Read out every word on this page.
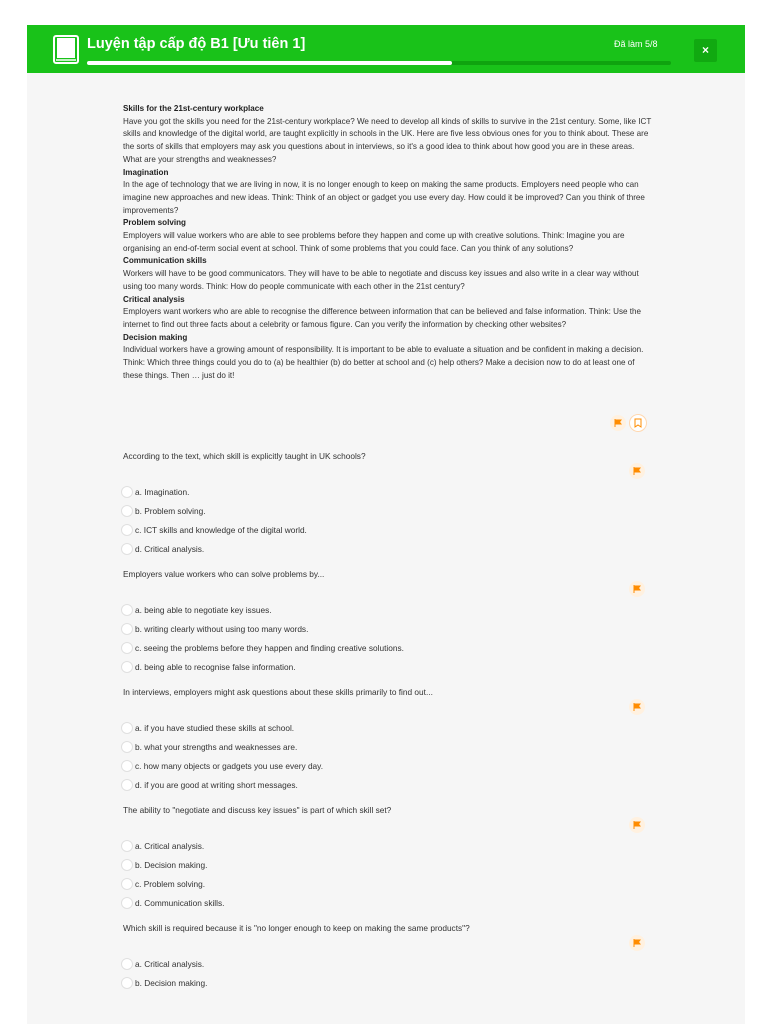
Luyện tập cấp độ B1 [Ưu tiên 1]	Đã làm 5/8	×

Skills for the 21st-century workplace

Have you got the skills you need for the 21st-century workplace? We need to develop all kinds of skills to survive in the 21st century. Some, like ICT skills and knowledge of the digital world, are taught explicitly in schools in the UK. Here are five less obvious ones for you to think about. These are the sorts of skills that employers may ask you questions about in interviews, so it's a good idea to think about how good you are in these areas. What are your strengths and weaknesses?

Imagination

In the age of technology that we are living in now, it is no longer enough to keep on making the same products. Employers need people who can imagine new approaches and new ideas. Think: Think of an object or gadget you use every day. How could it be improved? Can you think of three improvements?

Problem solving

Employers will value workers who are able to see problems before they happen and come up with creative solutions. Think: Imagine you are organising an end-of-term social event at school. Think of some problems that you could face. Can you think of any solutions?

Communication skills

Workers will have to be good communicators. They will have to be able to negotiate and discuss key issues and also write in a clear way without using too many words. Think: How do people communicate with each other in the 21st century?

Critical analysis

Employers want workers who are able to recognise the difference between information that can be believed and false information. Think: Use the internet to find out three facts about a celebrity or famous figure. Can you verify the information by checking other websites?

Decision making

Individual workers have a growing amount of responsibility. It is important to be able to evaluate a situation and be confident in making a decision. Think: Which three things could you do to (a) be healthier (b) do better at school and (c) help others? Make a decision now to do at least one of these things. Then … just do it!

According to the text, which skill is explicitly taught in UK schools?
a. Imagination.
b. Problem solving.
c. ICT skills and knowledge of the digital world.
d. Critical analysis.
Employers value workers who can solve problems by...
a. being able to negotiate key issues.
b. writing clearly without using too many words.
c. seeing the problems before they happen and finding creative solutions.
d. being able to recognise false information.
In interviews, employers might ask questions about these skills primarily to find out...
a. if you have studied these skills at school.
b. what your strengths and weaknesses are.
c. how many objects or gadgets you use every day.
d. if you are good at writing short messages.
The ability to "negotiate and discuss key issues" is part of which skill set?
a. Critical analysis.
b. Decision making.
c. Problem solving.
d. Communication skills.
Which skill is required because it is "no longer enough to keep on making the same products"?
a. Critical analysis.
b. Decision making.
